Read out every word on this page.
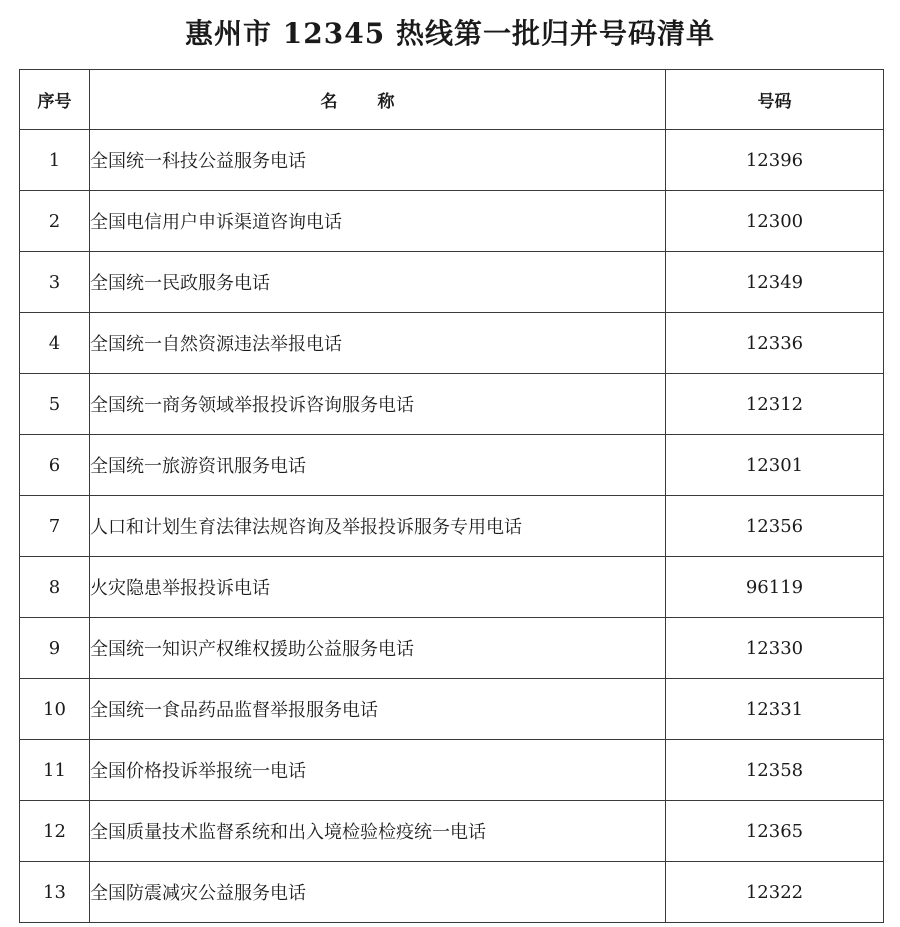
惠州市 12345 热线第一批归并号码清单
序号	名称	号码
1	全国统一科技公益服务电话	12396
2	全国电信用户申诉渠道咨询电话	12300
3	全国统一民政服务电话	12349
4	全国统一自然资源违法举报电话	12336
5	全国统一商务领域举报投诉咨询服务电话	12312
6	全国统一旅游资讯服务电话	12301
7	人口和计划生育法律法规咨询及举报投诉服务专用电话	12356
8	火灾隐患举报投诉电话	96119
9	全国统一知识产权维权援助公益服务电话	12330
10	全国统一食品药品监督举报服务电话	12331
11	全国价格投诉举报统一电话	12358
12	全国质量技术监督系统和出入境检验检疫统一电话	12365
13	全国防震减灾公益服务电话	12322
